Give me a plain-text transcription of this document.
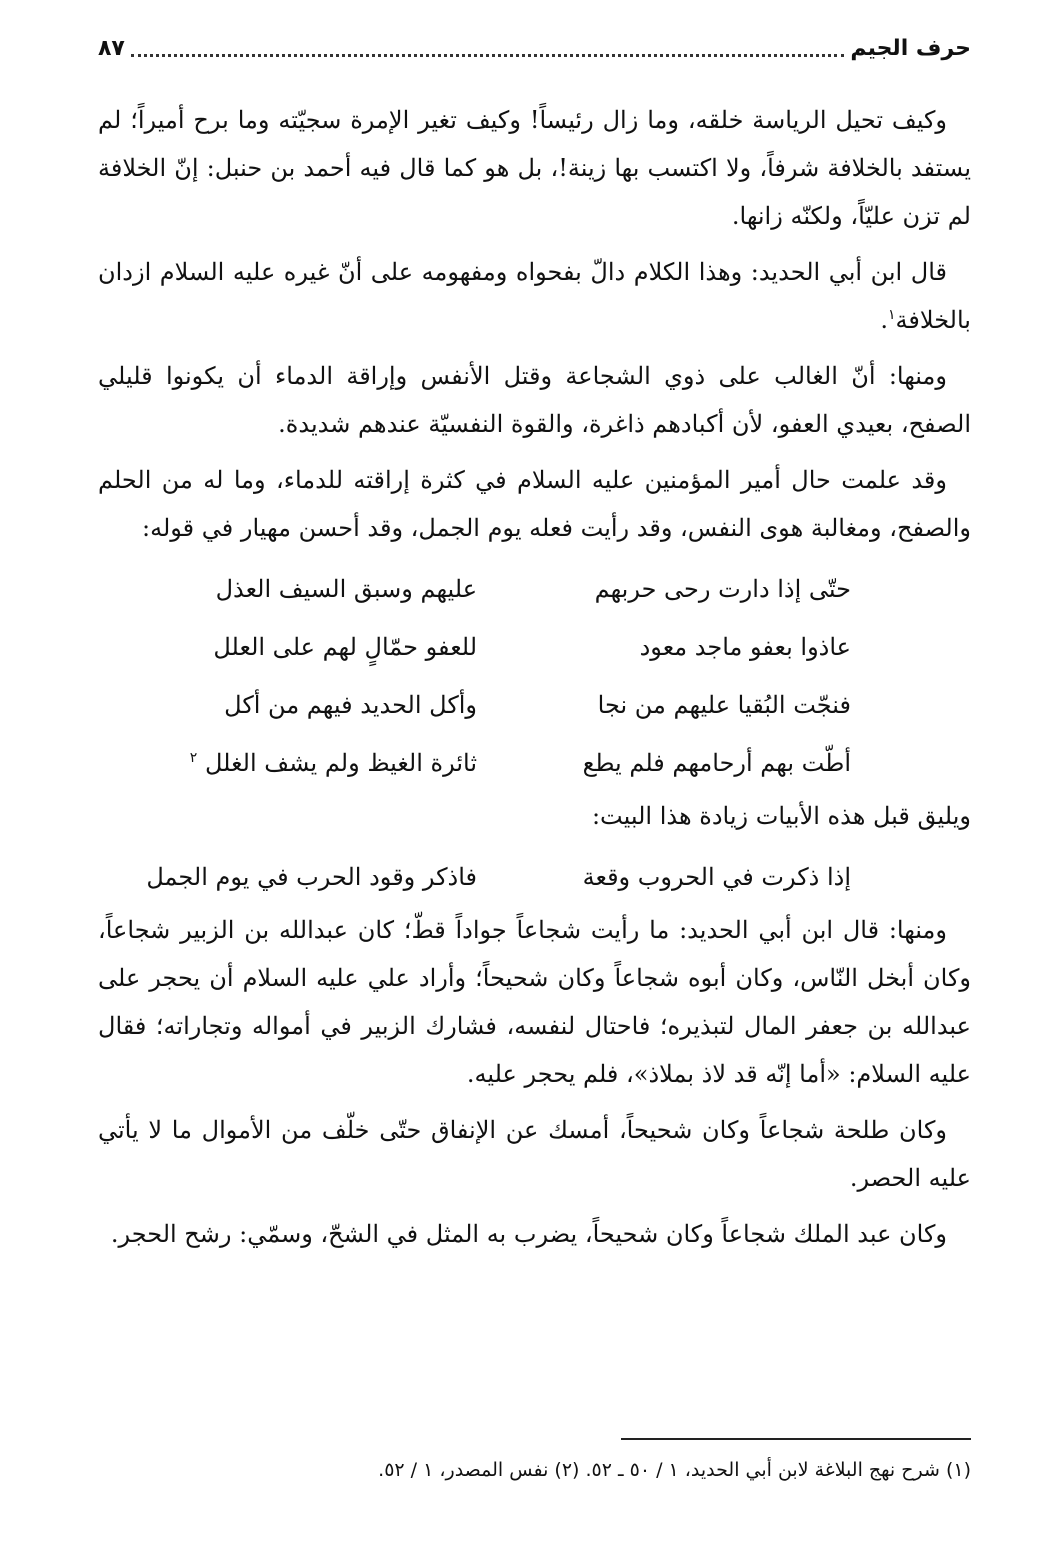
حرف الجيم
٨٧

وكيف تحيل الرياسة خلقه، وما زال رئيساً! وكيف تغير الإمرة سجيّته وما برح أميراً؛ لم يستفد بالخلافة شرفاً، ولا اكتسب بها زينة!، بل هو كما قال فيه أحمد بن حنبل: إنّ الخلافة لم تزن عليّاً، ولكنّه زانها.

قال ابن أبي الحديد: وهذا الكلام دالّ بفحواه ومفهومه على أنّ غيره عليه السلام ازدان بالخلافة$^١$.

ومنها: أنّ الغالب على ذوي الشجاعة وقتل الأنفس وإراقة الدماء أن يكونوا قليلي الصفح، بعيدي العفو، لأن أكبادهم ذاغرة، والقوة النفسيّة عندهم شديدة.

وقد علمت حال أمير المؤمنين عليه السلام في كثرة إراقته للدماء، وما له من الحلم والصفح، ومغالبة هوى النفس، وقد رأيت فعله يوم الجمل، وقد أحسن مهيار في قوله:

حتّى إذا دارت رحى حربهم
عليهم وسبق السيف العذل
عاذوا بعفو ماجد معود
للعفو حمّالٍ لهم على العلل
فنجّت البُقيا عليهم من نجا
وأكل الحديد فيهم من أكل
أطّت بهم أرحامهم فلم يطع
ثائرة الغيظ ولم يشف الغلل $^٢$

ويليق قبل هذه الأبيات زيادة هذا البيت:

إذا ذكرت في الحروب وقعة
فاذكر وقود الحرب في يوم الجمل

ومنها: قال ابن أبي الحديد: ما رأيت شجاعاً جواداً قطّ؛ كان عبدالله بن الزبير شجاعاً، وكان أبخل النّاس، وكان أبوه شجاعاً وكان شحيحاً؛ وأراد علي عليه السلام أن يحجر على عبدالله بن جعفر المال لتبذيره؛ فاحتال لنفسه، فشارك الزبير في أمواله وتجاراته؛ فقال عليه السلام: «أما إنّه قد لاذ بملاذ»، فلم يحجر عليه.

وكان طلحة شجاعاً وكان شحيحاً، أمسك عن الإنفاق حتّى خلّف من الأموال ما لا يأتي عليه الحصر.

وكان عبد الملك شجاعاً وكان شحيحاً، يضرب به المثل في الشحّ، وسمّي: رشح الحجر.

(١) شرح نهج البلاغة لابن أبي الحديد، ١ / ٥٠ ـ ٥٢. (٢) نفس المصدر، ١ / ٥٢.
